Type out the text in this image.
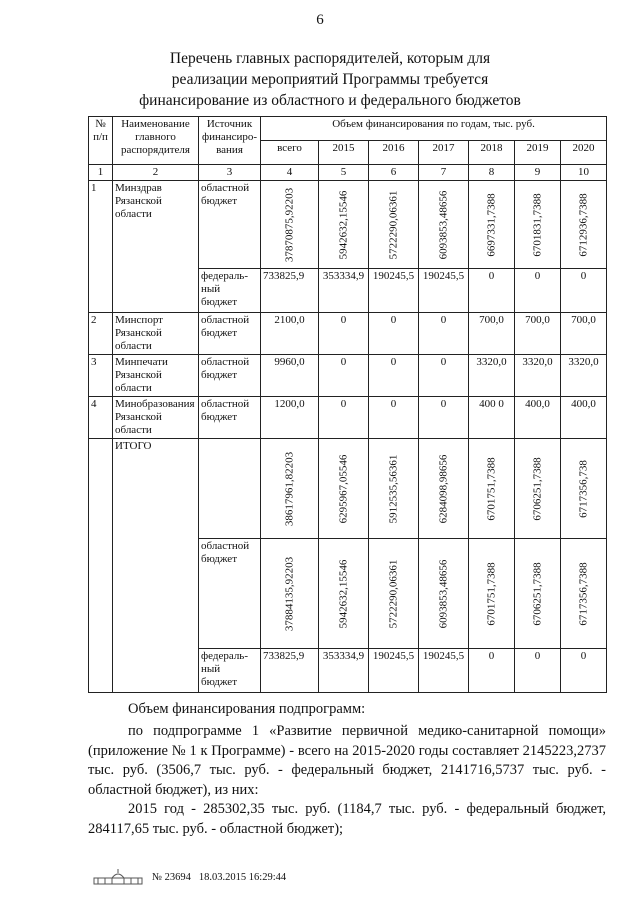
6
Перечень главных распорядителей, которым для
реализации мероприятий Программы требуется
финансирование из областного и федерального бюджетов
№ п/п	Наименование главного распорядителя	Источник финансиро-вания	Объем финансирования по годам, тыс. руб.						
			всего	2015	2016	2017	2018	2019	2020
1	2	3	4	5	6	7	8	9	10
1	Минздрав Рязанской области	областной бюджет	37870875,92203	5942632,15546	5722290,06361	6093853,48656	6697331,7388	6701831,7388	6712936,7388

		федераль-ный бюджет	733825,9	353334,9	190245,5	190245,5	0	0	0
2	Минспорт Рязанской области	областной бюджет	2100,0	0	0	0	700,0	700,0	700,0
3	Минпечати Рязанской области	областной бюджет	9960,0	0	0	0	3320,0	3320,0	3320,0
4	Минобразования Рязанской области	областной бюджет	1200,0	0	0	0	400 0	400,0	400,0
	ИТОГО		38617961,82203	6295967,05546	5912535,56361	6284098,98656	6701751,7388	6706251,7388	6717356,738

		областной бюджет	37884135,92203	5942632,15546	5722290,06361	6093853,48656	6701751,7388	6706251,7388	6717356,7388

		федераль-ный бюджет	733825,9	353334,9	190245,5	190245,5	0	0	0
Объем финансирования подпрограмм:
по подпрограмме 1 «Развитие первичной медико-санитарной помощи» (приложение № 1 к Программе) - всего на 2015-2020 годы составляет 2145223,2737 тыс. руб. (3506,7 тыс. руб. - федеральный бюджет, 2141716,5737 тыс. руб. - областной бюджет), из них:
2015 год - 285302,35 тыс. руб. (1184,7 тыс. руб. - федеральный бюджет, 284117,65 тыс. руб. - областной бюджет);
№ 23694 18.03.2015 16:29:44
